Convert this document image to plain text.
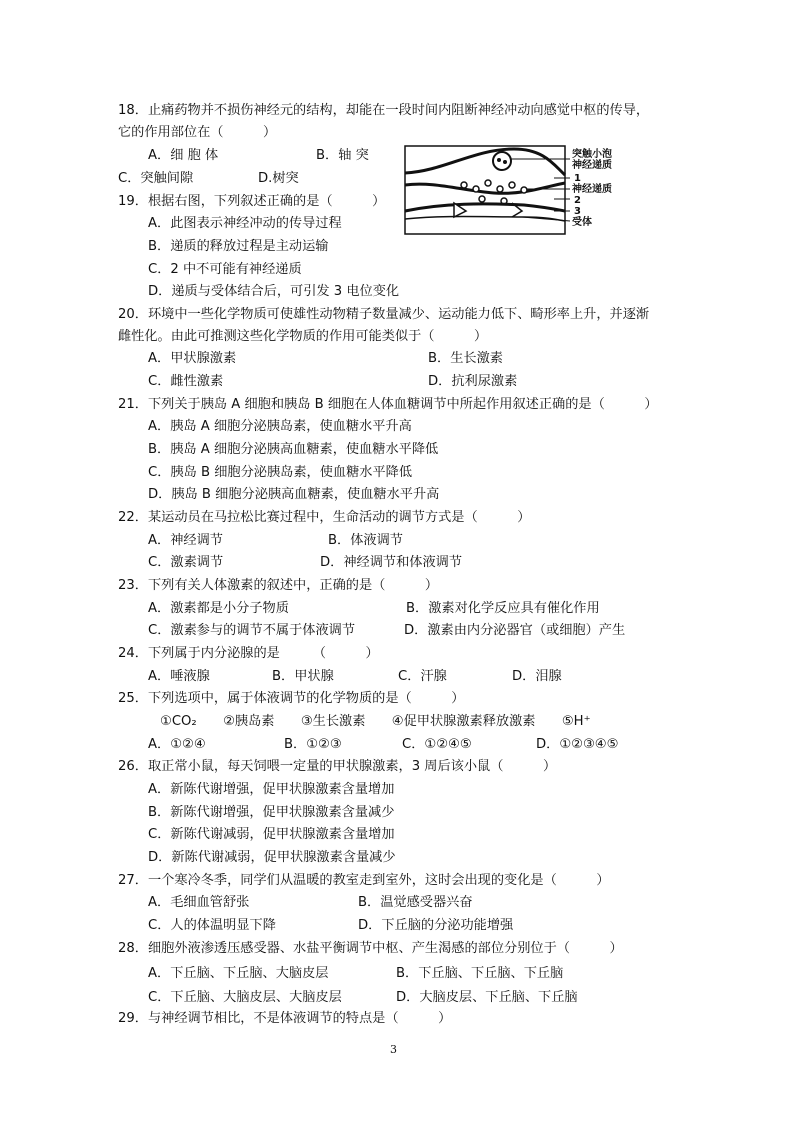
18．止痛药物并不损伤神经元的结构，却能在一段时间内阻断神经冲动向感觉中枢的传导，
它的作用部位在（　　　）
A．细 胞 体	B．轴 突
C．突触间隙	D.树突
突触小泡
神经递质
1
神经递质
2
3
受体
19．根据右图，下列叙述正确的是（　　　）
A．此图表示神经冲动的传导过程
B．递质的释放过程是主动运输
C．2 中不可能有神经递质
D．递质与受体结合后，可引发 3 电位变化
20．环境中一些化学物质可使雄性动物精子数量减少、运动能力低下、畸形率上升，并逐渐
雌性化。由此可推测这些化学物质的作用可能类似于（　　　）
A．甲状腺激素	B．生长激素
C．雌性激素	D．抗利尿激素
21．下列关于胰岛 A 细胞和胰岛 B 细胞在人体血糖调节中所起作用叙述正确的是（　　　）
A．胰岛 A 细胞分泌胰岛素，使血糖水平升高
B．胰岛 A 细胞分泌胰高血糖素，使血糖水平降低
C．胰岛 B 细胞分泌胰岛素，使血糖水平降低
D．胰岛 B 细胞分泌胰高血糖素，使血糖水平升高
22．某运动员在马拉松比赛过程中，生命活动的调节方式是（　　　）
A．神经调节	B．体液调节
C．激素调节	D．神经调节和体液调节
23．下列有关人体激素的叙述中，正确的是（　　　）
A．激素都是小分子物质	B．激素对化学反应具有催化作用
C．激素参与的调节不属于体液调节	D．激素由内分泌器官（或细胞）产生
24．下列属于内分泌腺的是　　　（　　　）
A．唾液腺	B．甲状腺	C．汗腺	D．泪腺
25．下列选项中，属于体液调节的化学物质的是（　　　）
①CO₂　　②胰岛素　　③生长激素　　④促甲状腺激素释放激素　　⑤H⁺
A．①②④	B．①②③	C．①②④⑤	D．①②③④⑤
26．取正常小鼠，每天饲喂一定量的甲状腺激素，3 周后该小鼠（　　　）
A．新陈代谢增强，促甲状腺激素含量增加
B．新陈代谢增强，促甲状腺激素含量减少
C．新陈代谢减弱，促甲状腺激素含量增加
D．新陈代谢减弱，促甲状腺激素含量减少
27．一个寒冷冬季，同学们从温暖的教室走到室外，这时会出现的变化是（　　　）
A．毛细血管舒张	B．温觉感受器兴奋
C．人的体温明显下降	D．下丘脑的分泌功能增强
28．细胞外液渗透压感受器、水盐平衡调节中枢、产生渴感的部位分别位于（　　　）
A．下丘脑、下丘脑、大脑皮层	B．下丘脑、下丘脑、下丘脑
C．下丘脑、大脑皮层、大脑皮层	D．大脑皮层、下丘脑、下丘脑
29．与神经调节相比，不是体液调节的特点是（　　　）
3
